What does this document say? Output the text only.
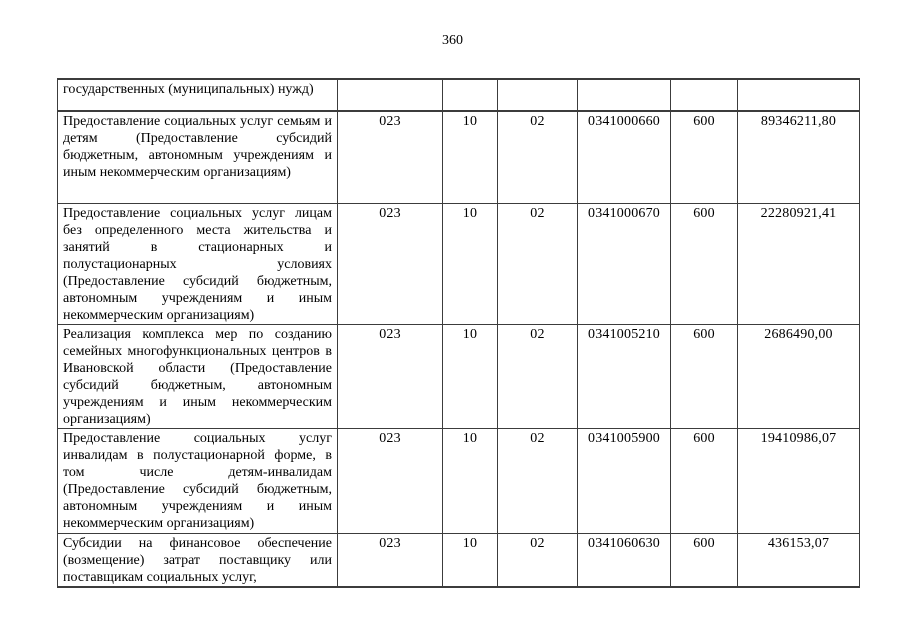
360
государственных (муниципальных) нужд)						
Предоставление социальных услуг семьям и детям (Предоставление субсидий бюджетным, автономным учреждениям и иным некоммерческим организациям)	023	10	02	0341000660	600	89346211,80
Предоставление социальных услуг лицам без определенного места жительства и занятий в стационарных и полустационарных условиях (Предоставление субсидий бюджетным, автономным учреждениям и иным некоммерческим организациям)	023	10	02	0341000670	600	22280921,41
Реализация комплекса мер по созданию семейных многофункциональных центров в Ивановской области (Предоставление субсидий бюджетным, автономным учреждениям и иным некоммерческим организациям)	023	10	02	0341005210	600	2686490,00
Предоставление социальных услуг инвалидам в полустационарной форме, в том числе детям-инвалидам (Предоставление субсидий бюджетным, автономным учреждениям и иным некоммерческим организациям)	023	10	02	0341005900	600	19410986,07

Субсидии на финансовое обеспечение (возмещение) затрат поставщику или поставщикам социальных услуг,	023	10	02	0341060630	600	436153,07
